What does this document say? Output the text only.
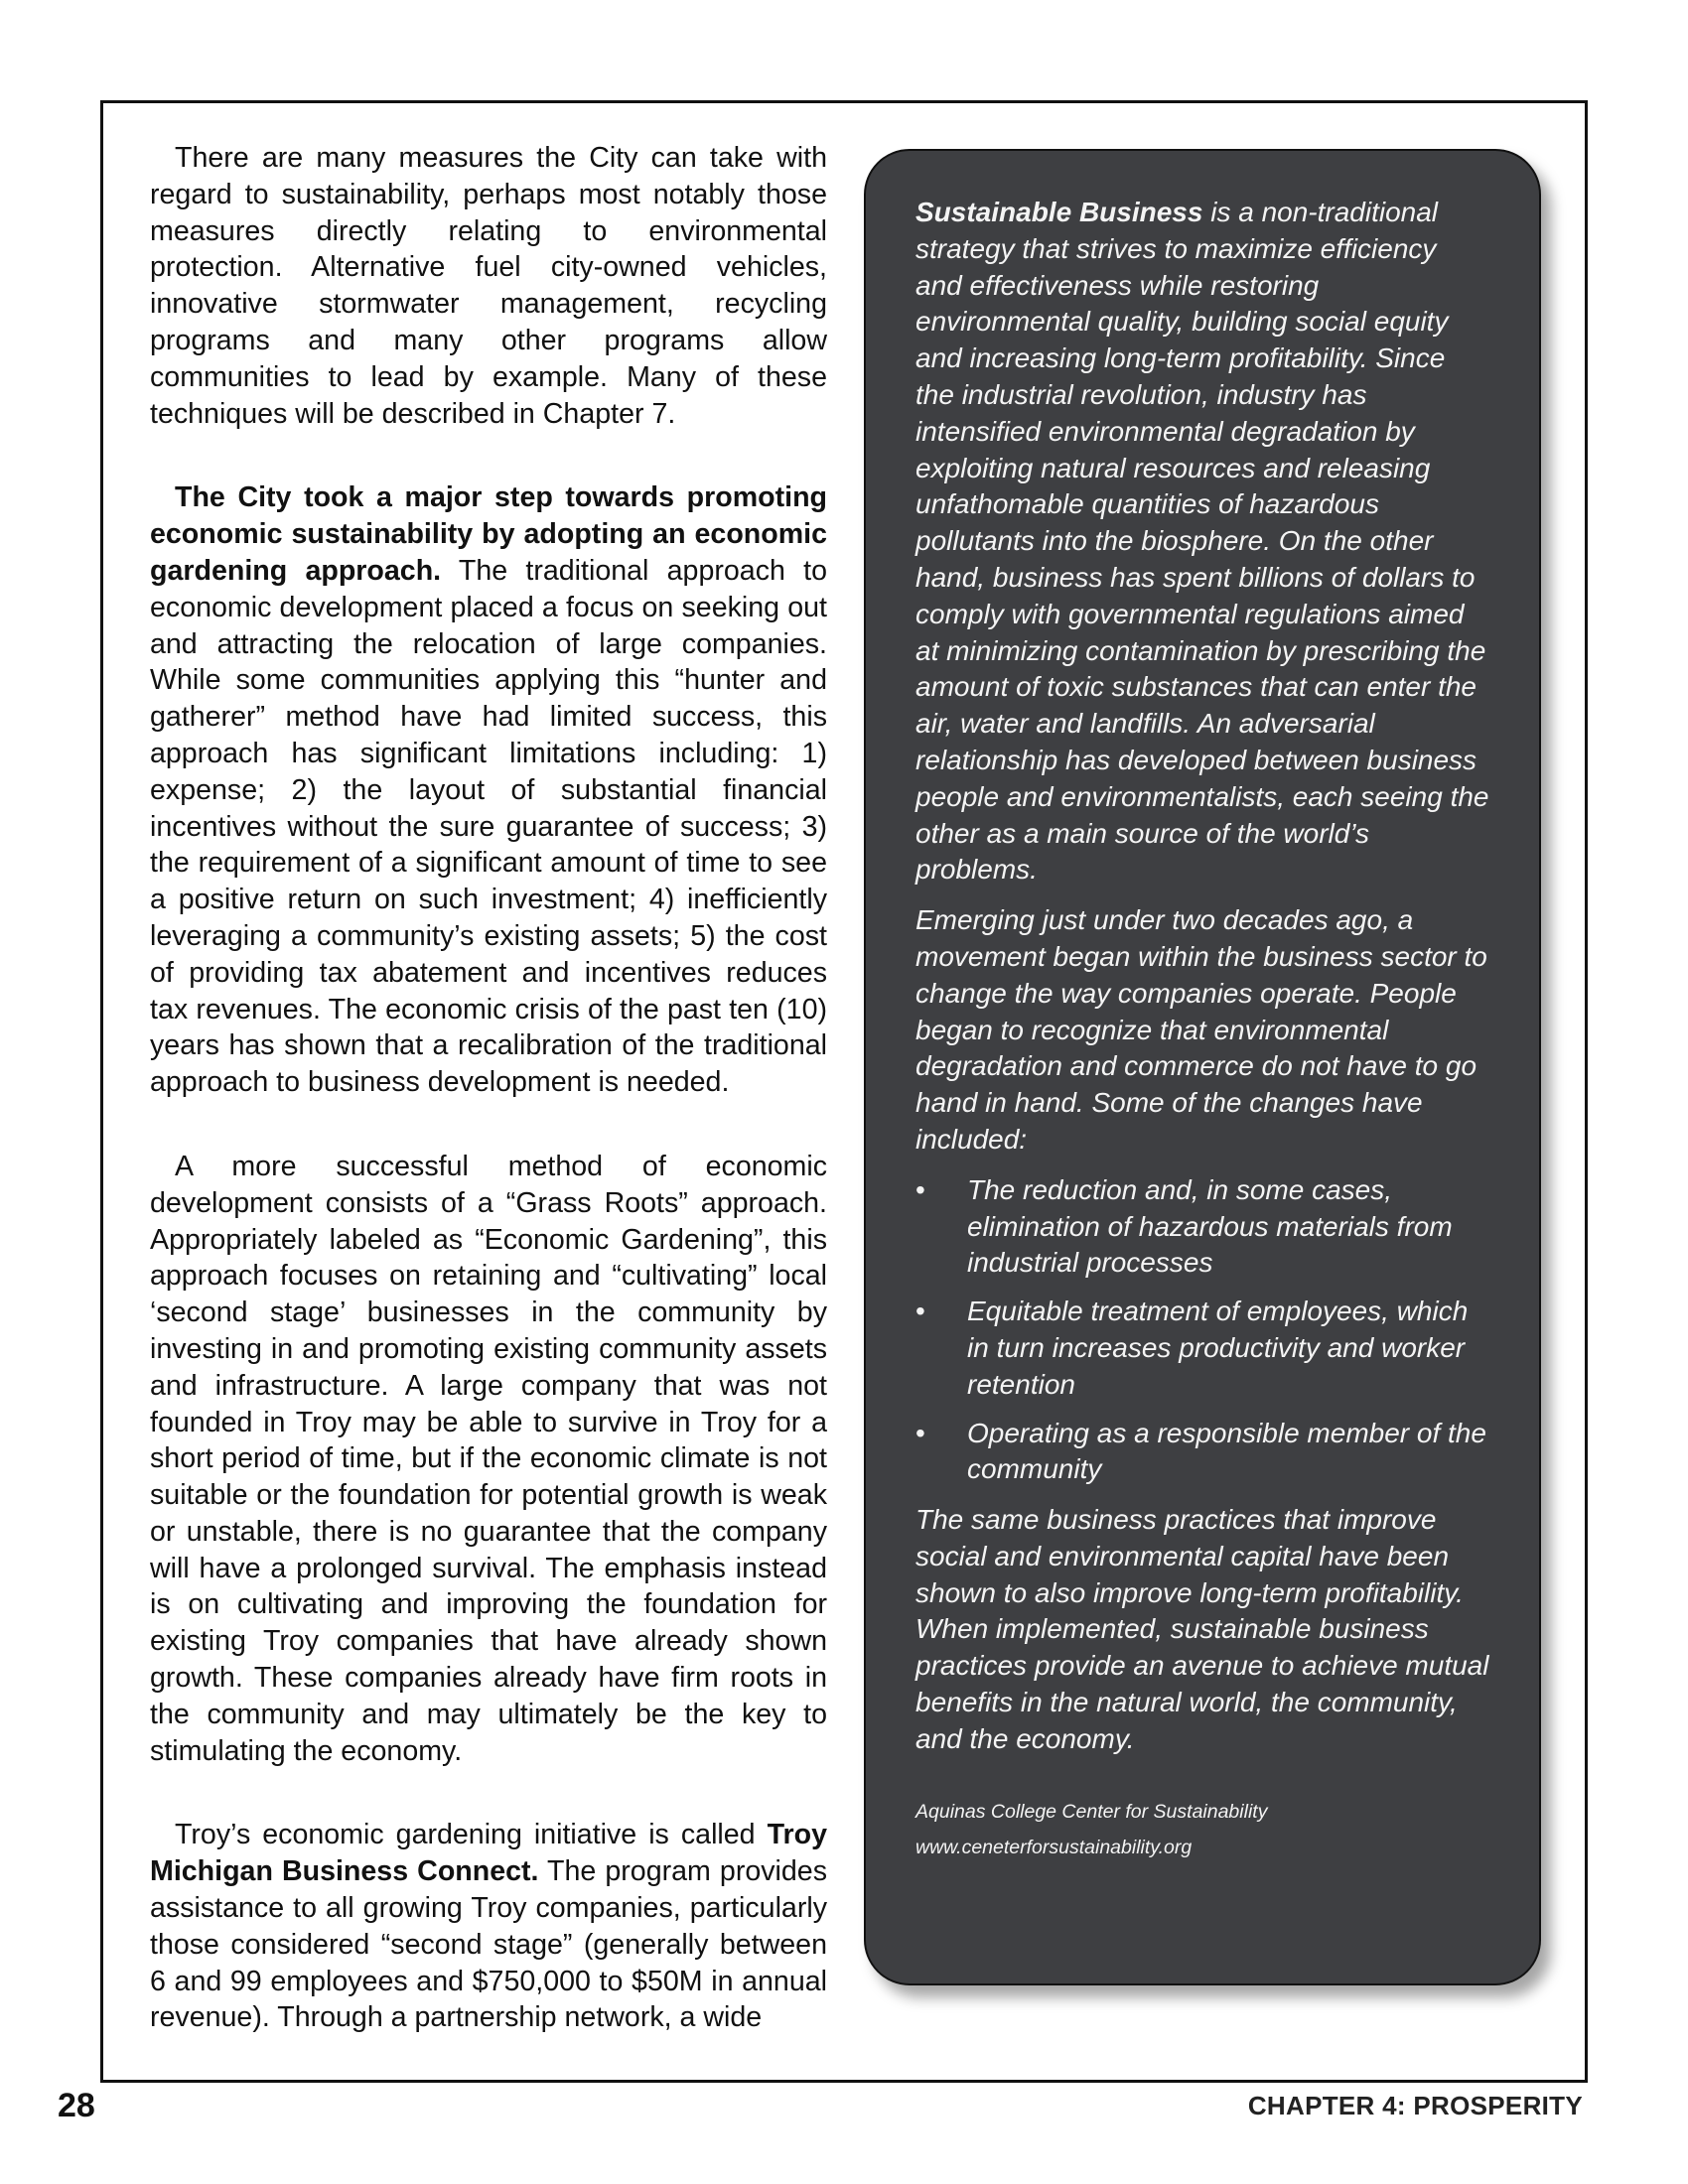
There are many measures the City can take with regard to sustainability, perhaps most notably those measures directly relating to environmental protection. Alternative fuel city-owned vehicles, innovative stormwater management, recycling programs and many other programs allow communities to lead by example. Many of these techniques will be described in Chapter 7.

The City took a major step towards promoting economic sustainability by adopting an economic gardening approach. The traditional approach to economic development placed a focus on seeking out and attracting the relocation of large companies. While some communities applying this “hunter and gatherer” method have had limited success, this approach has significant limitations including: 1) expense; 2) the layout of substantial financial incentives without the sure guarantee of success; 3) the requirement of a significant amount of time to see a positive return on such investment; 4) inefficiently leveraging a community’s existing assets; 5) the cost of providing tax abatement and incentives reduces tax revenues. The economic crisis of the past ten (10) years has shown that a recalibration of the traditional approach to business development is needed.

A more successful method of economic development consists of a “Grass Roots” approach. Appropriately labeled as “Economic Gardening”, this approach focuses on retaining and “cultivating” local ‘second stage’ businesses in the community by investing in and promoting existing community assets and infrastructure. A large company that was not founded in Troy may be able to survive in Troy for a short period of time, but if the economic climate is not suitable or the foundation for potential growth is weak or unstable, there is no guarantee that the company will have a prolonged survival. The emphasis instead is on cultivating and improving the foundation for existing Troy companies that have already shown growth. These companies already have firm roots in the community and may ultimately be the key to stimulating the economy.

Troy’s economic gardening initiative is called Troy Michigan Business Connect. The program provides assistance to all growing Troy companies, particularly those considered “second stage” (generally between 6 and 99 employees and $750,000 to $50M in annual revenue). Through a partnership network, a wide

Sustainable Business is a non-traditional strategy that strives to maximize efficiency and effectiveness while restoring environmental quality, building social equity and increasing long-term profitability. Since the industrial revolution, industry has intensified environmental degradation by exploiting natural resources and releasing unfathomable quantities of hazardous pollutants into the biosphere. On the other hand, business has spent billions of dollars to comply with governmental regulations aimed at minimizing contamination by prescribing the amount of toxic substances that can enter the air, water and landfills. An adversarial relationship has developed between business people and environmentalists, each seeing the other as a main source of the world’s problems.

Emerging just under two decades ago, a movement began within the business sector to change the way companies operate. People began to recognize that environmental degradation and commerce do not have to go hand in hand. Some of the changes have included:

• The reduction and, in some cases, elimination of hazardous materials from industrial processes
• Equitable treatment of employees, which in turn increases productivity and worker retention
• Operating as a responsible member of the community

The same business practices that improve social and environmental capital have been shown to also improve long-term profitability. When implemented, sustainable business practices provide an avenue to achieve mutual benefits in the natural world, the community, and the economy.

Aquinas College Center for Sustainability
www.ceneterforsustainability.org
28	CHAPTER 4: PROSPERITY
